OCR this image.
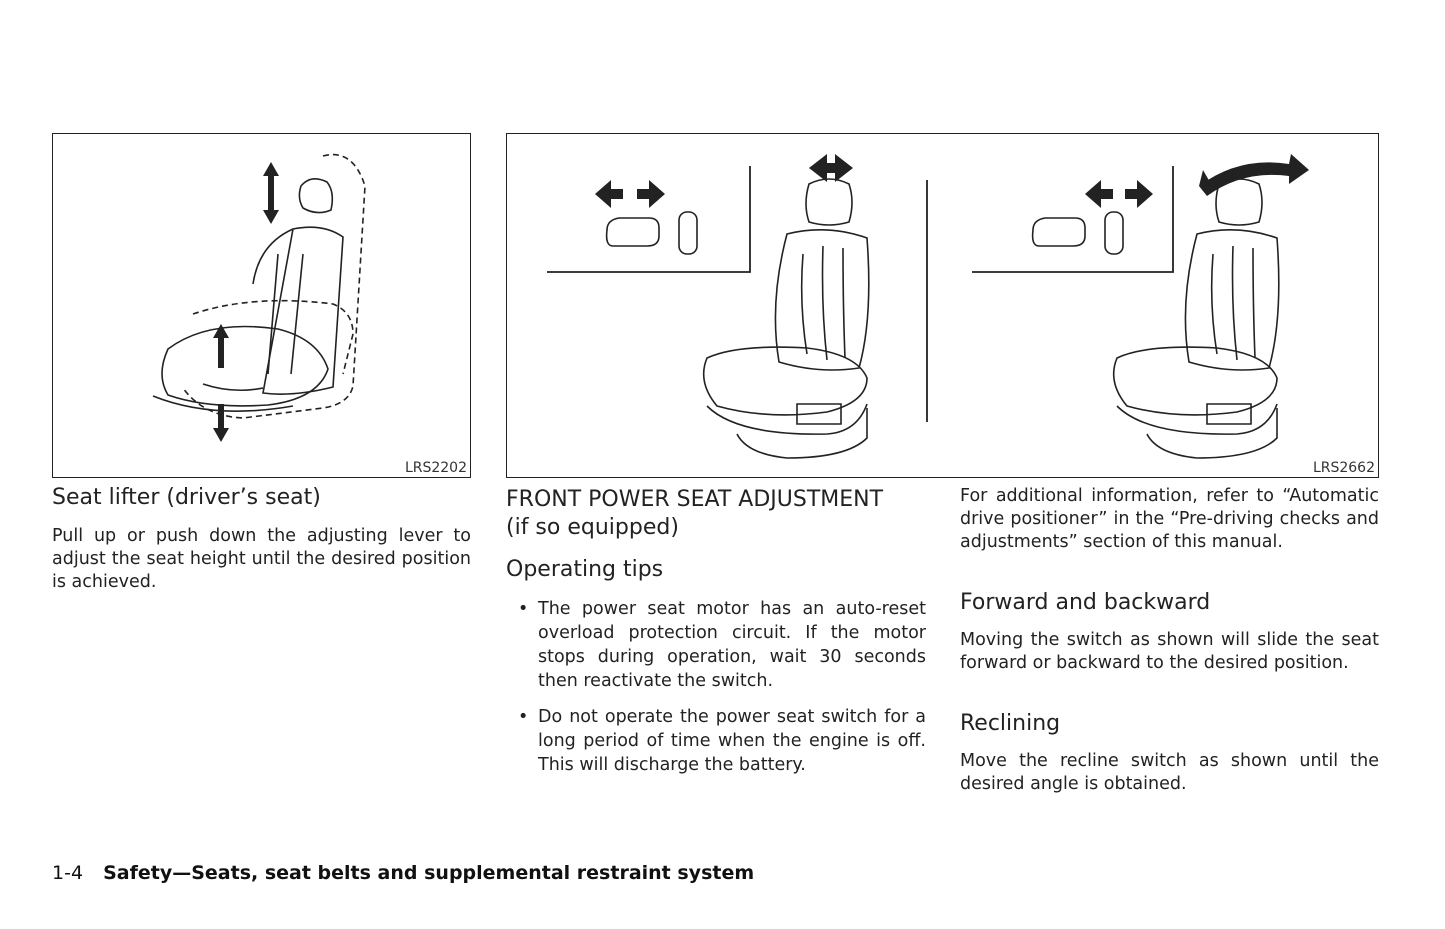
LRS2202	LRS2662
Seat lifter (driver’s seat)

Pull up or push down the adjusting lever to adjust the seat height until the desired position is achieved.

FRONT POWER SEAT ADJUSTMENT
(if so equipped)
Operating tips
• The power seat motor has an auto-reset overload protection circuit. If the motor stops during operation, wait 30 seconds then reactivate the switch.
• Do not operate the power seat switch for a long period of time when the engine is off. This will discharge the battery.

For additional information, refer to “Automatic drive positioner” in the “Pre-driving checks and adjustments” section of this manual.

Forward and backward

Moving the switch as shown will slide the seat forward or backward to the desired position.

Reclining

Move the recline switch as shown until the desired angle is obtained.

1-4 Safety—Seats, seat belts and supplemental restraint system
